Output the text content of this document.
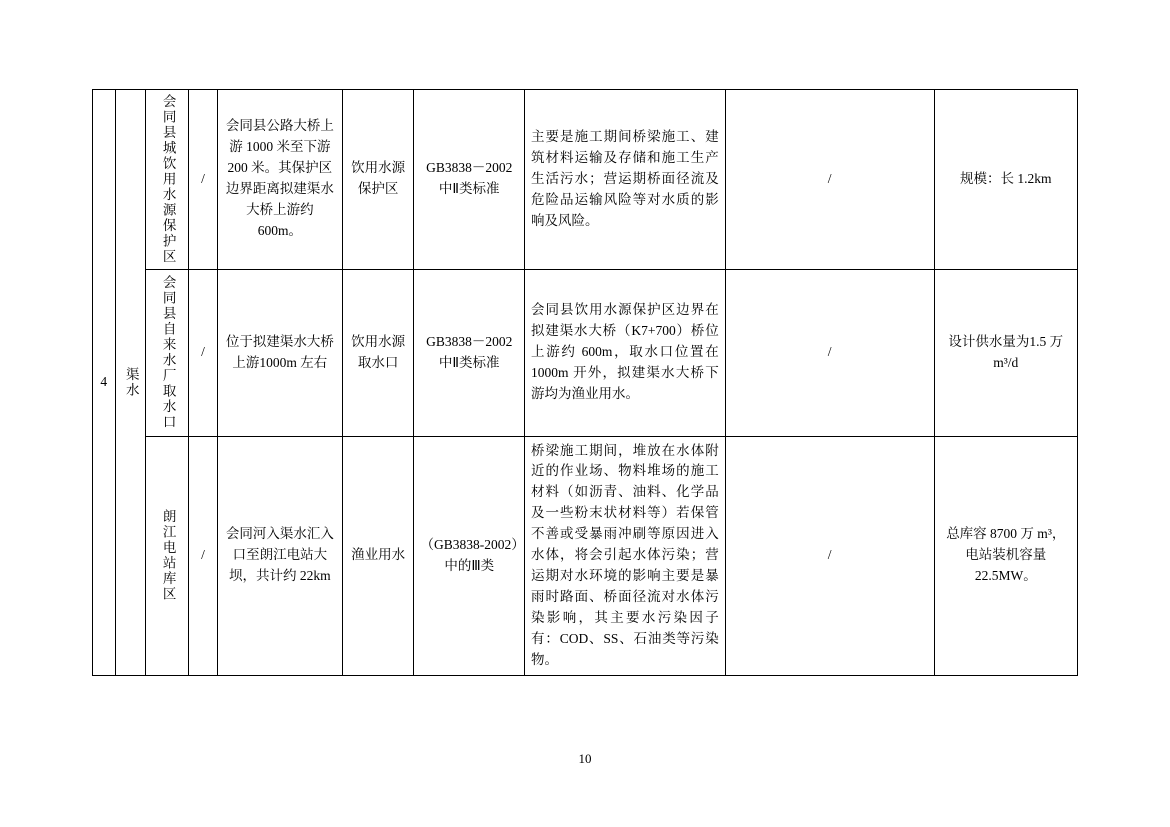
4	渠水	会同县城饮用水源保护区	/	会同县公路大桥上游 1000 米至下游 200 米。其保护区边界距离拟建渠水大桥上游约 600m。	饮用水源保护区	GB3838－2002中Ⅱ类标准	主要是施工期间桥梁施工、建筑材料运输及存储和施工生产生活污水；营运期桥面径流及危险品运输风险等对水质的影响及风险。	/	规模：长 1.2km

		会同县自来水厂取水口	/	位于拟建渠水大桥上游1000m 左右	饮用水源取水口	GB3838－2002中Ⅱ类标准	会同县饮用水源保护区边界在拟建渠水大桥（K7+700）桥位上游约 600m，取水口位置在1000m 开外，拟建渠水大桥下游均为渔业用水。	/	设计供水量为1.5 万 m³/d

		朗江电站库区	/	会同河入渠水汇入口至朗江电站大坝，共计约 22km	渔业用水	（GB3838-2002）中的Ⅲ类	桥梁施工期间，堆放在水体附近的作业场、物料堆场的施工材料（如沥青、油料、化学品及一些粉末状材料等）若保管不善或受暴雨冲刷等原因进入水体，将会引起水体污染；营运期对水环境的影响主要是暴雨时路面、桥面径流对水体污染影响，其主要水污染因子有：COD、SS、石油类等污染物。	/	总库容 8700 万 m³，电站装机容量 22.5MW。
10
